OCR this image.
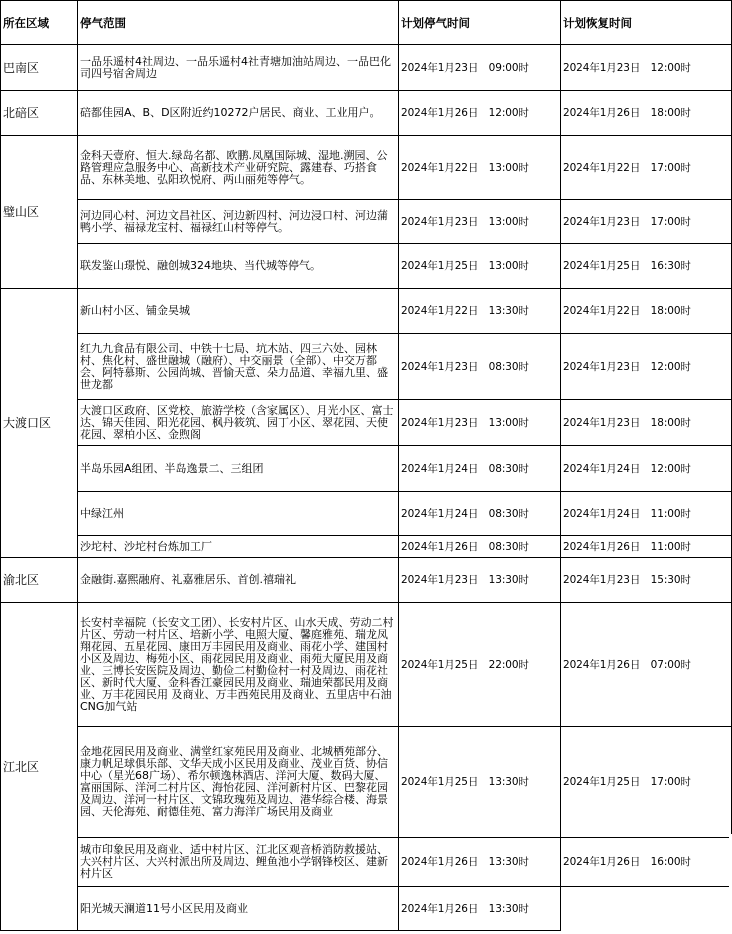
所在区域	停气范围	计划停气时间	计划恢复时间
巴南区	一品乐遥村4社周边、一品乐遥村4社青塘加油站周边、一品巴化司四号宿舍周边	2024年1月23日　09:00时	2024年1月23日　12:00时
北碚区	碚都佳园A、B、D区附近约10272户居民、商业、工业用户。	2024年1月26日　12:00时	2024年1月26日　18:00时
璧山区	金科天壹府、恒大.绿岛名都、欧鹏.凤凰国际城、湿地.溯园、公路管理应急服务中心、高新技术产业研究院、露建春、巧搭食品、东林美地、弘阳玖悦府、两山丽苑等停气。	2024年1月22日　13:00时	2024年1月22日　17:00时
	河边同心村、河边文昌社区、河边新四村、河边浸口村、河边蒲鸭小学、福禄龙宝村、福禄红山村等停气。	2024年1月23日　13:00时	2024年1月23日　17:00时
	联发鉴山璟悦、融创城324地块、当代城等停气。	2024年1月25日　13:00时	2024年1月25日　16:30时
大渡口区	新山村小区、铺金昊城	2024年1月22日　13:30时	2024年1月22日　18:00时
	红九九食品有限公司、中铁十七局、坑木站、四三六处、园林村、焦化村、盛世融城（融府）、中交丽景（全部）、中交万都会、阿特慕斯、公园尚城、晋愉天意、朵力品道、幸福九里、盛世龙都	2024年1月23日　08:30时	2024年1月23日　12:00时
	大渡口区政府、区党校、旅游学校（含家属区）、月光小区、富士达、锦天佳园、阳光花园、枫丹筱筑、园丁小区、翠花园、天使花园、翠柏小区、金煦阁	2024年1月23日　13:00时	2024年1月23日　18:00时
	半岛乐园A组团、半岛逸景二、三组团	2024年1月24日　08:30时	2024年1月24日　12:00时
	中绿江州	2024年1月24日　08:30时	2024年1月24日　11:00时
	沙坨村、沙坨村台炼加工厂	2024年1月26日　08:30时	2024年1月26日　11:00时
渝北区	金融街.嘉熙融府、礼嘉雅居乐、首创.禧瑞礼	2024年1月23日　13:30时	2024年1月23日　15:30时
江北区	长安村幸福院（长安文工团）、长安村片区、山水天成、劳动二村片区、劳动一村片区、培新小学、电照大厦、馨庭雅苑、瑞龙凤翔花园、五星花园、康田万丰园民用及商业、雨花小学、建国村小区及周边、梅苑小区、雨花园民用及商业、雨苑大厦民用及商业、三博长安医院及周边、勤俭二村勤俭村一村及周边、雨花社区、新时代大厦、金科香江豪园民用及商业、瑞迪荣都民用及商业、万丰花园民用 及商业、万丰西苑民用及商业、五里店中石油CNG加气站	2024年1月25日　22:00时	2024年1月26日　07:00时
	金地花园民用及商业、满堂红家苑民用及商业、北城栖苑部分、康力帆足球俱乐部、文华天成小区民用及商业、茂业百货、协信中心（星光68广场）、希尔顿逸林酒店、洋河大厦、数码大厦、富丽国际、洋河二村片区、海怡花园、洋河新村片区、巴黎花园及周边、洋河一村片区、文锦玫瑰苑及周边、港华综合楼、海景园、天伦海苑、耐德佳苑、富力海洋广场民用及商业	2024年1月25日　13:30时	2024年1月25日　17:00时
	城市印象民用及商业、适中村片区、江北区观音桥消防救援站、大兴村片区、大兴村派出所及周边、鲤鱼池小学钢锋校区、建新村片区	2024年1月26日　13:30时	2024年1月26日　16:00时
	阳光城天澜道11号小区民用及商业	2024年1月26日　13:30时	
